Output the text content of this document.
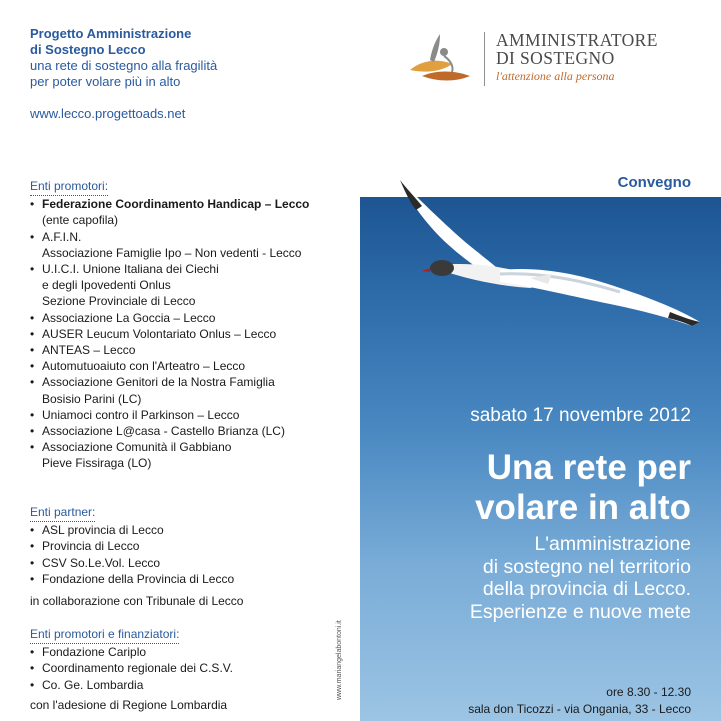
Progetto Amministrazione
di Sostegno Lecco
una rete di sostegno alla fragilità
per poter volare più in alto
www.lecco.progettoads.net
Enti promotori:
• Federazione Coordinamento Handicap – Lecco
(ente capofila)
• A.F.I.N.
Associazione Famiglie Ipo – Non vedenti - Lecco
• U.I.C.I. Unione Italiana dei Ciechi
e degli Ipovedenti Onlus
Sezione Provinciale di Lecco
• Associazione La Goccia – Lecco
• AUSER Leucum Volontariato Onlus – Lecco
• ANTEAS – Lecco
• Automutuoaiuto con l'Arteatro – Lecco
• Associazione Genitori de la Nostra Famiglia
Bosisio Parini (LC)
• Uniamoci contro il Parkinson – Lecco
• Associazione L@casa - Castello Brianza (LC)
• Associazione Comunità il Gabbiano
Pieve Fissiraga (LO)
Enti partner:
• ASL provincia di Lecco
• Provincia di Lecco
• CSV So.Le.Vol. Lecco
• Fondazione della Provincia di Lecco
in collaborazione con Tribunale di Lecco
Enti promotori e finanziatori:
• Fondazione Cariplo
• Coordinamento regionale dei C.S.V.
• Co. Ge. Lombardia
con l'adesione di Regione Lombardia
www.mariangelabontoni.it
AMMINISTRATORE
DI SOSTEGNO
l'attenzione alla persona
Convegno
sabato 17 novembre 2012
Una rete per
volare in alto
L'amministrazione
di sostegno nel territorio
della provincia di Lecco.
Esperienze e nuove mete
ore 8.30 - 12.30
sala don Ticozzi - via Ongania, 33 - Lecco
